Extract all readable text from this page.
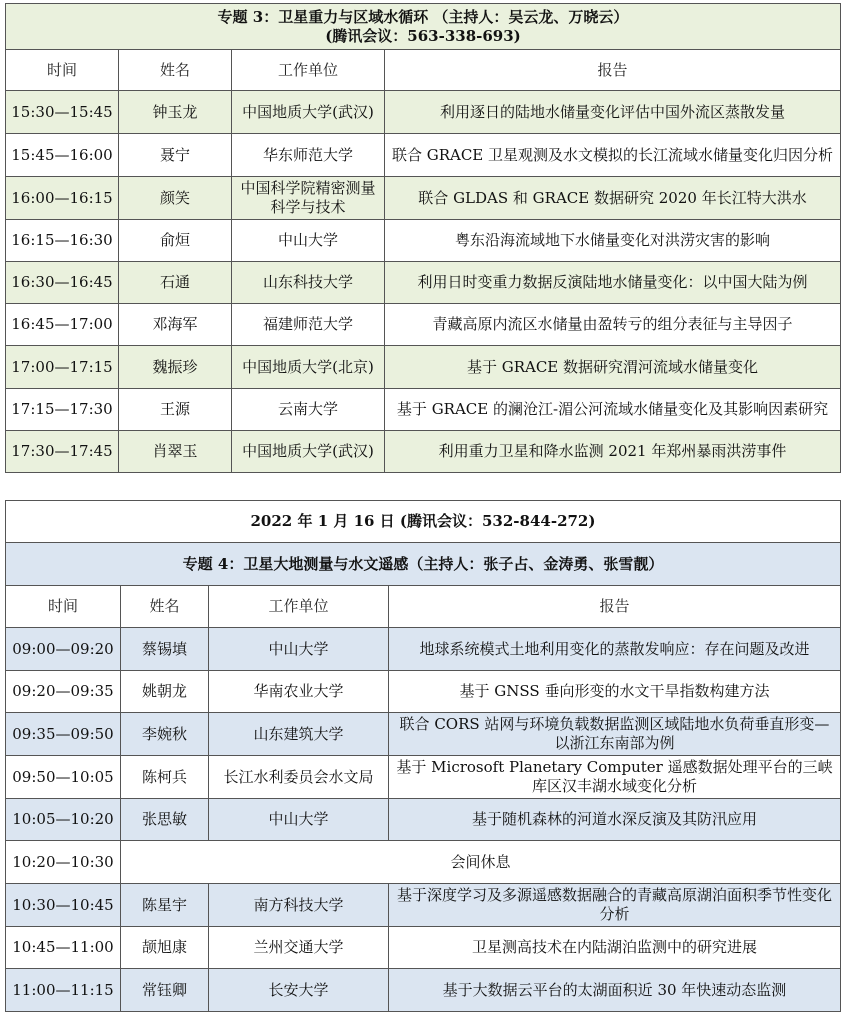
专题 3：卫星重力与区域水循环 （主持人：吴云龙、万晓云）
(腾讯会议：563-338-693)			

时间	姓名	工作单位	报告
15:30—15:45	钟玉龙	中国地质大学(武汉)	利用逐日的陆地水储量变化评估中国外流区蒸散发量
15:45—16:00	聂宁	华东师范大学	联合 GRACE 卫星观测及水文模拟的长江流域水储量变化归因分析
16:00—16:15	颜笑	中国科学院精密测量科学与技术	联合 GLDAS 和 GRACE 数据研究 2020 年长江特大洪水
16:15—16:30	俞烜	中山大学	粤东沿海流域地下水储量变化对洪涝灾害的影响
16:30—16:45	石通	山东科技大学	利用日时变重力数据反演陆地水储量变化：以中国大陆为例
16:45—17:00	邓海军	福建师范大学	青藏高原内流区水储量由盈转亏的组分表征与主导因子
17:00—17:15	魏振珍	中国地质大学(北京)	基于 GRACE 数据研究渭河流域水储量变化
17:15—17:30	王源	云南大学	基于 GRACE 的澜沧江-湄公河流域水储量变化及其影响因素研究
17:30—17:45	肖翠玉	中国地质大学(武汉)	利用重力卫星和降水监测 2021 年郑州暴雨洪涝事件
2022 年 1 月 16 日 (腾讯会议：532-844-272)			
专题 4：卫星大地测量与水文遥感（主持人：张子占、金涛勇、张雪靓）			
时间	姓名	工作单位	报告
09:00—09:20	蔡锡填	中山大学	地球系统模式土地利用变化的蒸散发响应：存在问题及改进
09:20—09:35	姚朝龙	华南农业大学	基于 GNSS 垂向形变的水文干旱指数构建方法
09:35—09:50	李婉秋	山东建筑大学	联合 CORS 站网与环境负载数据监测区域陆地水负荷垂直形变—以浙江东南部为例
09:50—10:05	陈柯兵	长江水利委员会水文局	基于 Microsoft Planetary Computer 遥感数据处理平台的三峡库区汉丰湖水域变化分析
10:05—10:20	张思敏	中山大学	基于随机森林的河道水深反演及其防汛应用
10:20—10:30	会间休息		
10:30—10:45	陈星宇	南方科技大学	基于深度学习及多源遥感数据融合的青藏高原湖泊面积季节性变化分析
10:45—11:00	颉旭康	兰州交通大学	卫星测高技术在内陆湖泊监测中的研究进展
11:00—11:15	常钰卿	长安大学	基于大数据云平台的太湖面积近 30 年快速动态监测
